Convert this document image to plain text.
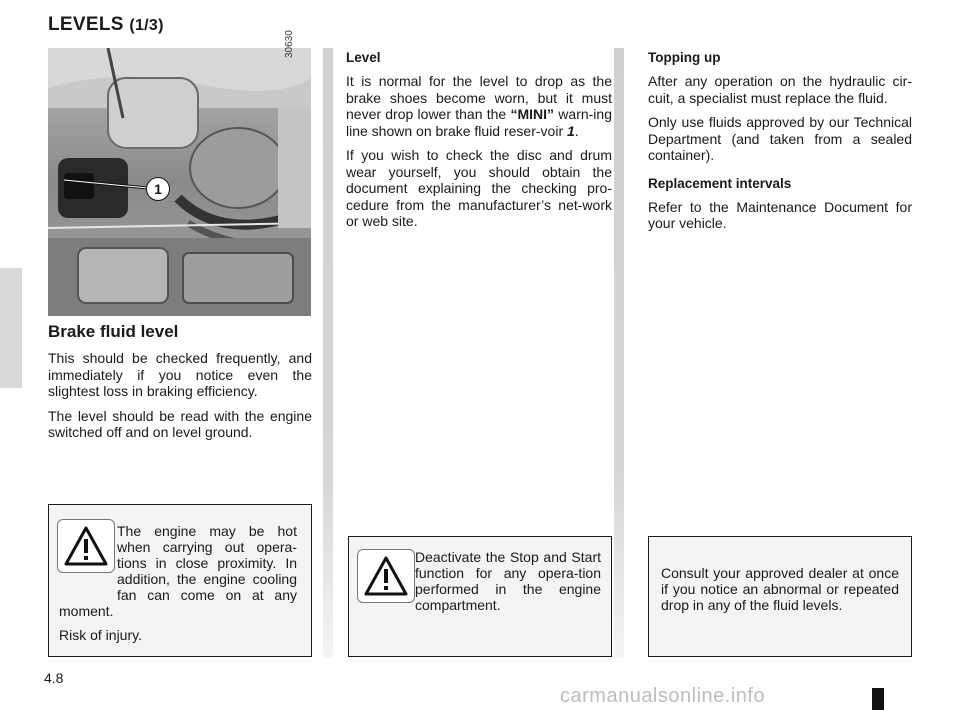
LEVELS (1/3)
30630
1
Brake fluid level

This should be checked frequently, and immediately if you notice even the slightest loss in braking efficiency.

The level should be read with the engine switched off and on level ground.

Level

It is normal for the level to drop as the brake shoes become worn, but it must never drop lower than the “MINI” warn-ing line shown on brake fluid reser-voir 1.

If you wish to check the disc and drum wear yourself, you should obtain the document explaining the checking pro-cedure from the manufacturer’s net-work or web site.

Topping up

After any operation on the hydraulic cir-cuit, a specialist must replace the fluid.

Only use fluids approved by our Technical Department (and taken from a sealed container).

Replacement intervals

Refer to the Maintenance Document for your vehicle.

The engine may be hot when carrying out opera-tions in close proximity. In addition, the engine cooling fan can come on at any moment.
Risk of injury.
Deactivate the Stop and Start function for any opera-tion performed in the engine compartment.
Consult your approved dealer at once if you notice an abnormal or repeated drop in any of the fluid levels.
4.8
carmanualsonline.info
